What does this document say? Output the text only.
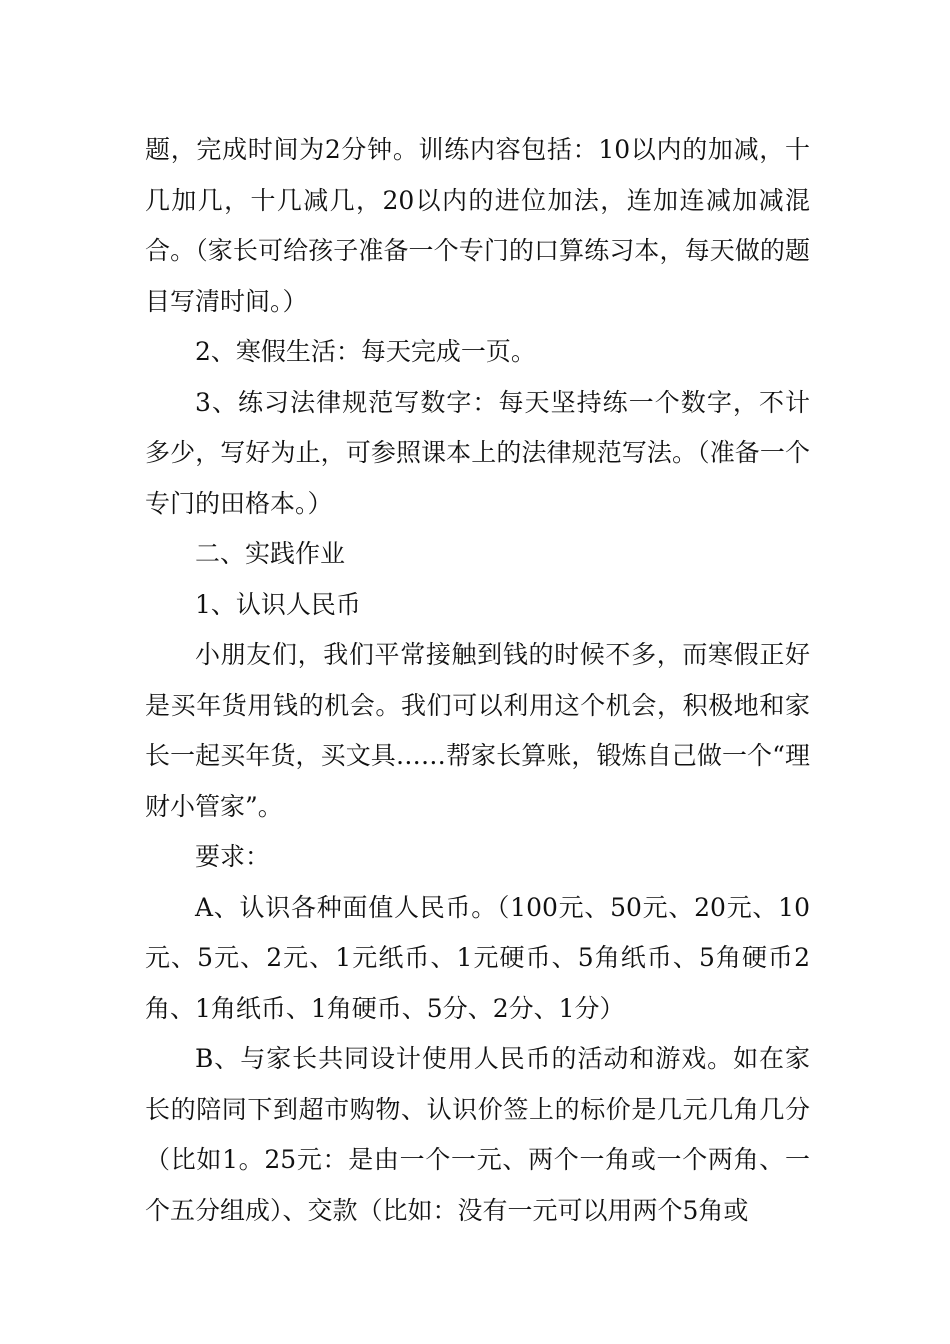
题，完成时间为2分钟。训练内容包括：10以内的加减，十几加几，十几减几，20以内的进位加法，连加连减加减混合。（家长可给孩子准备一个专门的口算练习本，每天做的题目写清时间。）

2、寒假生活：每天完成一页。

3、练习法律规范写数字：每天坚持练一个数字，不计多少，写好为止，可参照课本上的法律规范写法。（准备一个专门的田格本。）

二、实践作业

1、认识人民币

小朋友们，我们平常接触到钱的时候不多，而寒假正好是买年货用钱的机会。我们可以利用这个机会，积极地和家长一起买年货，买文具……帮家长算账，锻炼自己做一个“理财小管家”。

要求：

A、认识各种面值人民币。（100元、50元、20元、10元、5元、2元、1元纸币、1元硬币、5角纸币、5角硬币2角、1角纸币、1角硬币、5分、2分、1分）

B、与家长共同设计使用人民币的活动和游戏。如在家长的陪同下到超市购物、认识价签上的标价是几元几角几分（比如1。25元：是由一个一元、两个一角或一个两角、一个五分组成）、交款（比如：没有一元可以用两个5角或
